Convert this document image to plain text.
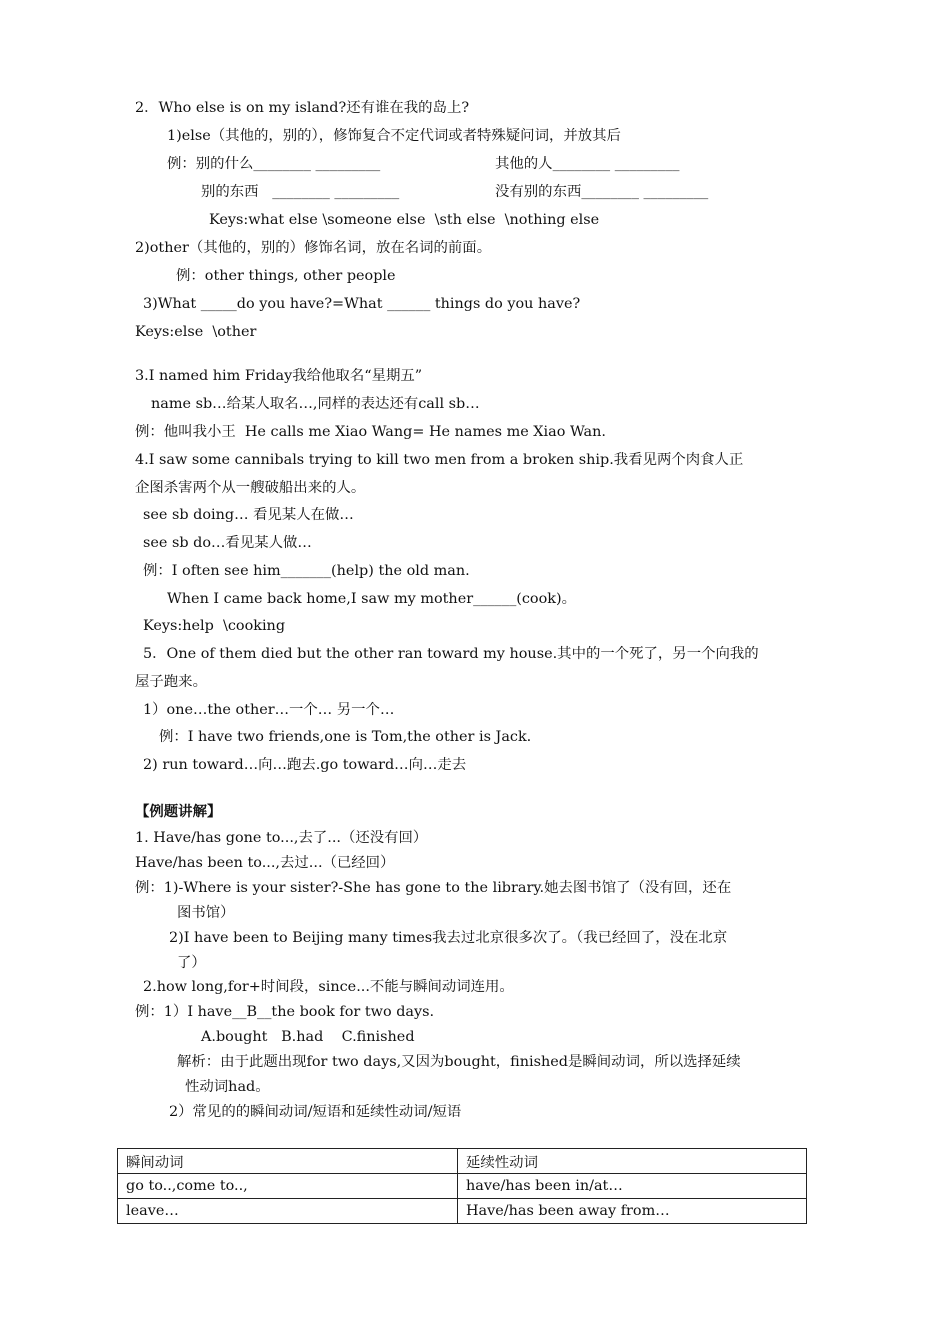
2．Who else is on my island?还有谁在我的岛上?
1)else（其他的，别的），修饰复合不定代词或者特殊疑问词，并放其后
例：别的什么________ _________	其他的人________ _________
别的东西   ________ _________	没有别的东西________ _________
Keys:what else \someone else  \sth else  \nothing else
2)other（其他的，别的）修饰名词，放在名词的前面。
例：other things, other people
3)What _____do you have?=What ______ things do you have?
Keys:else  \other
3.I named him Friday我给他取名“星期五”
name sb…给某人取名…,同样的表达还有call sb…
例：他叫我小王  He calls me Xiao Wang= He names me Xiao Wan.
4.I saw some cannibals trying to kill two men from a broken ship.我看见两个肉食人正
企图杀害两个从一艘破船出来的人。
see sb doing… 看见某人在做…
see sb do…看见某人做…
例：I often see him_______(help) the old man.
When I came back home,I saw my mother______(cook)。
Keys:help  \cooking
5．One of them died but the other ran toward my house.其中的一个死了，另一个向我的
屋子跑来。
1）one…the other…一个… 另一个…
例：I have two friends,one is Tom,the other is Jack.
2) run toward…向…跑去.go toward…向…走去
【例题讲解】
1. Have/has gone to...,去了...（还没有回）
Have/has been to...,去过...（已经回）
例：1)-Where is your sister?-She has gone to the library.她去图书馆了（没有回，还在
图书馆）
2)I have been to Beijing many times我去过北京很多次了。（我已经回了，没在北京
了）
2.how long,for+时间段，since...不能与瞬间动词连用。
例：1）I have__B__the book for two days.
A.bought   B.had    C.finished
解析：由于此题出现for two days,又因为bought，finished是瞬间动词，所以选择延续
性动词had。
2）常见的的瞬间动词/短语和延续性动词/短语
瞬间动词	延续性动词
go to..,come to..,	have/has been in/at…
leave…	Have/has been away from…
